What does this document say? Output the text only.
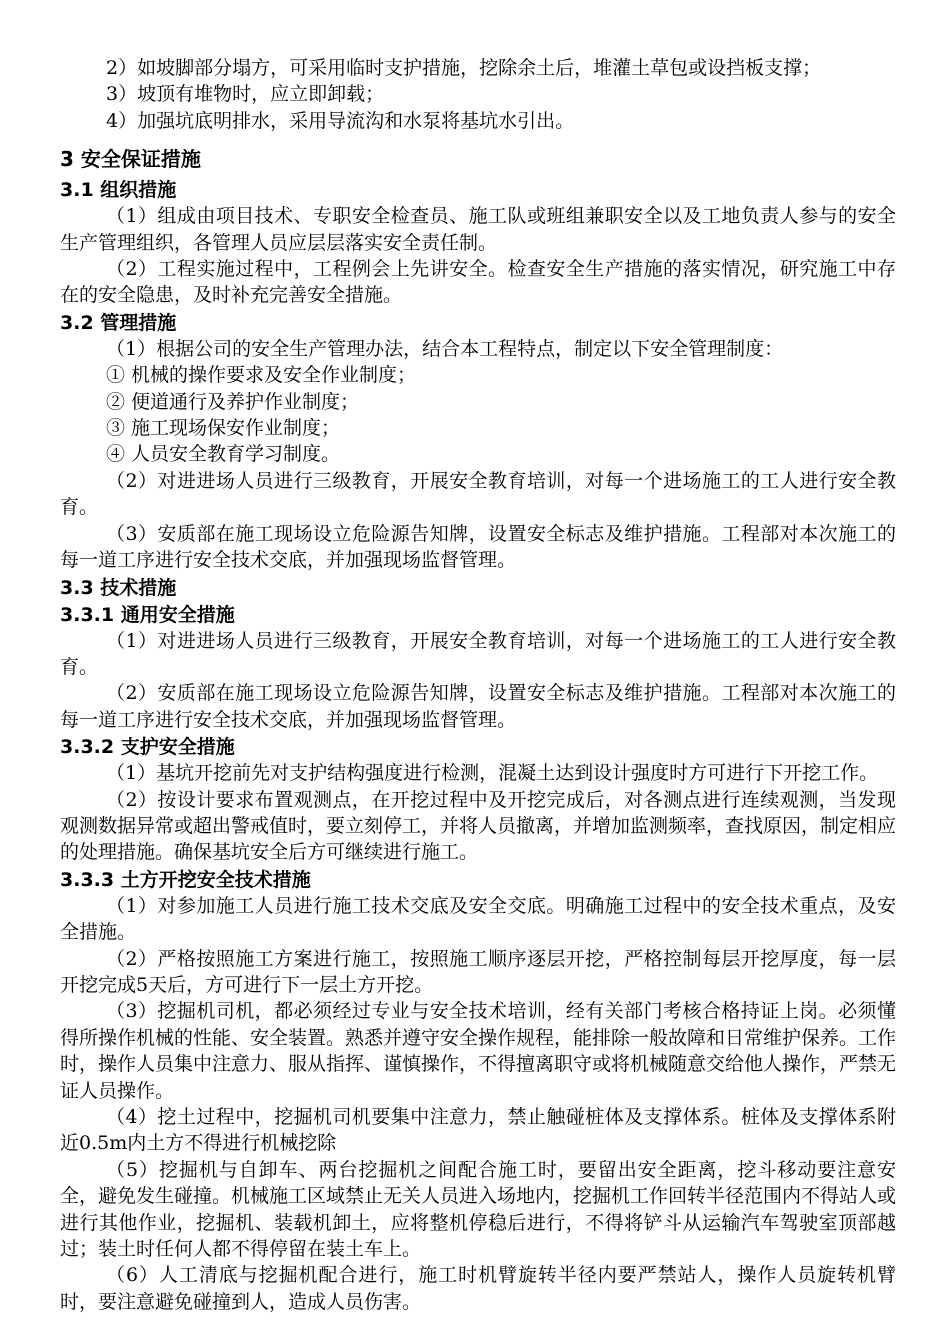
2）如坡脚部分塌方，可采用临时支护措施，挖除余土后，堆灌土草包或设挡板支撑；

3）坡顶有堆物时，应立即卸载；

4）加强坑底明排水，采用导流沟和水泵将基坑水引出。

3 安全保证措施
3.1 组织措施

（1）组成由项目技术、专职安全检查员、施工队或班组兼职安全以及工地负责人参与的安全生产管理组织，各管理人员应层层落实安全责任制。

（2）工程实施过程中，工程例会上先讲安全。检查安全生产措施的落实情况，研究施工中存在的安全隐患，及时补充完善安全措施。

3.2 管理措施

（1）根据公司的安全生产管理办法，结合本工程特点，制定以下安全管理制度：

① 机械的操作要求及安全作业制度；

② 便道通行及养护作业制度；

③ 施工现场保安作业制度；

④ 人员安全教育学习制度。

（2）对进进场人员进行三级教育，开展安全教育培训，对每一个进场施工的工人进行安全教育。

（3）安质部在施工现场设立危险源告知牌，设置安全标志及维护措施。工程部对本次施工的每一道工序进行安全技术交底，并加强现场监督管理。

3.3 技术措施
3.3.1 通用安全措施

（1）对进进场人员进行三级教育，开展安全教育培训，对每一个进场施工的工人进行安全教育。

（2）安质部在施工现场设立危险源告知牌，设置安全标志及维护措施。工程部对本次施工的每一道工序进行安全技术交底，并加强现场监督管理。

3.3.2 支护安全措施

（1）基坑开挖前先对支护结构强度进行检测，混凝土达到设计强度时方可进行下开挖工作。

（2）按设计要求布置观测点，在开挖过程中及开挖完成后，对各测点进行连续观测，当发现观测数据异常或超出警戒值时，要立刻停工，并将人员撤离，并增加监测频率，查找原因，制定相应的处理措施。确保基坑安全后方可继续进行施工。

3.3.3 土方开挖安全技术措施

（1）对参加施工人员进行施工技术交底及安全交底。明确施工过程中的安全技术重点，及安全措施。

（2）严格按照施工方案进行施工，按照施工顺序逐层开挖，严格控制每层开挖厚度，每一层开挖完成5天后，方可进行下一层土方开挖。

（3）挖掘机司机，都必须经过专业与安全技术培训，经有关部门考核合格持证上岗。必须懂得所操作机械的性能、安全装置。熟悉并遵守安全操作规程，能排除一般故障和日常维护保养。工作时，操作人员集中注意力、服从指挥、谨慎操作，不得擅离职守或将机械随意交给他人操作，严禁无证人员操作。

（4）挖土过程中，挖掘机司机要集中注意力，禁止触碰桩体及支撑体系。桩体及支撑体系附近0.5m内土方不得进行机械挖除

（5）挖掘机与自卸车、两台挖掘机之间配合施工时，要留出安全距离，挖斗移动要注意安全，避免发生碰撞。机械施工区域禁止无关人员进入场地内，挖掘机工作回转半径范围内不得站人或进行其他作业，挖掘机、装载机卸土，应将整机停稳后进行，不得将铲斗从运输汽车驾驶室顶部越过；装土时任何人都不得停留在装土车上。

（6）人工清底与挖掘机配合进行，施工时机臂旋转半径内要严禁站人，操作人员旋转机臂时，要注意避免碰撞到人，造成人员伤害。
